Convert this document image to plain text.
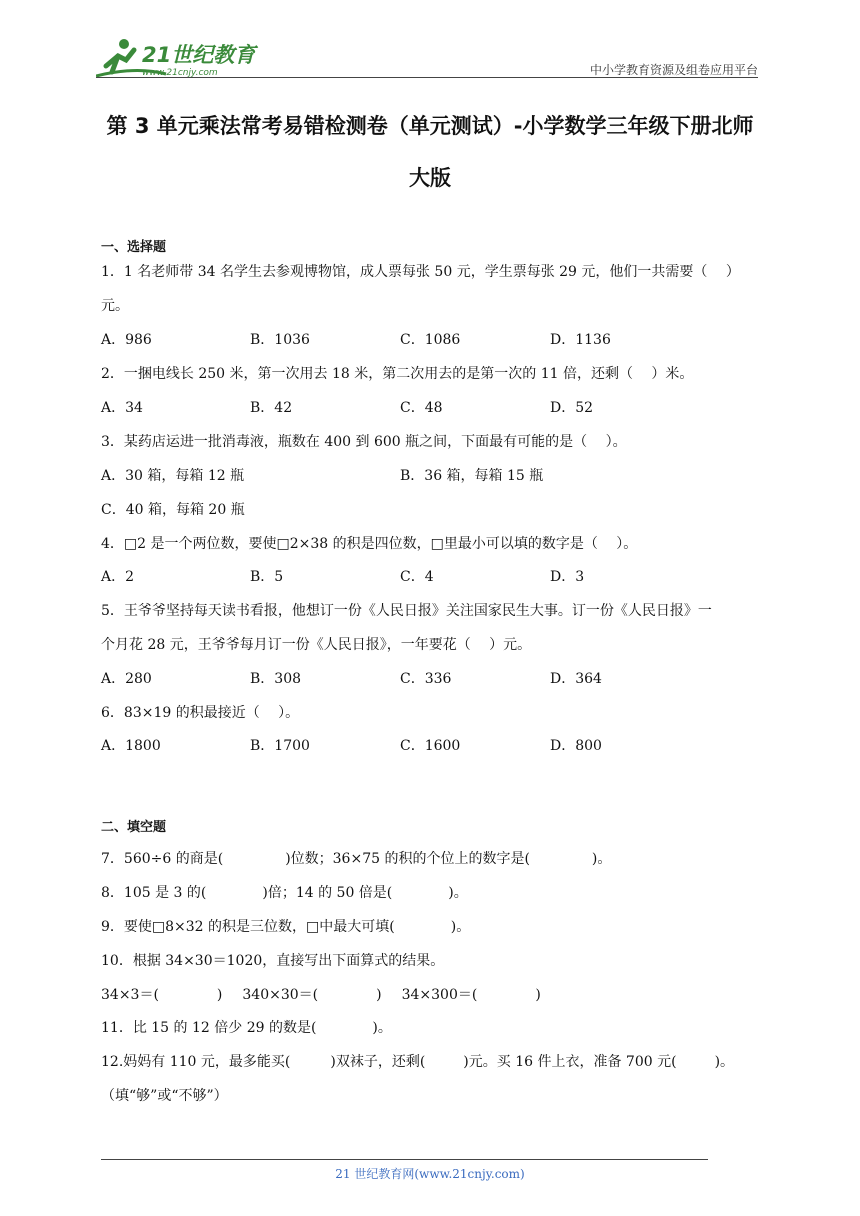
21世纪教育
www.21cnjy.com	中小学教育资源及组卷应用平台
第 3 单元乘法常考易错检测卷（单元测试）-小学数学三年级下册北师
大版
一、选择题
1．1 名老师带 34 名学生去参观博物馆，成人票每张 50 元，学生票每张 29 元，他们一共需要（　 ）
元。
A．986	B．1036	C．1086	D．1136
2．一捆电线长 250 米，第一次用去 18 米，第二次用去的是第一次的 11 倍，还剩（　 ）米。
A．34	B．42	C．48	D．52
3．某药店运进一批消毒液，瓶数在 400 到 600 瓶之间，下面最有可能的是（　 ）。
A．30 箱，每箱 12 瓶	B．36 箱，每箱 15 瓶
C．40 箱，每箱 20 瓶
4．□2 是一个两位数，要使□2×38 的积是四位数，□里最小可以填的数字是（　 ）。
A．2	B．5	C．4	D．3
5．王爷爷坚持每天读书看报，他想订一份《人民日报》关注国家民生大事。订一份《人民日报》一
个月花 28 元，王爷爷每月订一份《人民日报》，一年要花（　 ）元。
A．280	B．308	C．336	D．364
6．83×19 的积最接近（　 ）。
A．1800	B．1700	C．1600	D．800
二、填空题
7．560÷6 的商是(	)位数；36×75 的积的个位上的数字是(	)。
8．105 是 3 的(	)倍；14 的 50 倍是(	)。
9．要使□8×32 的积是三位数，□中最大可填(	)。
10．根据 34×30＝1020，直接写出下面算式的结果。
34×3＝(	) 340×30＝(	) 34×300＝(	)
11．比 15 的 12 倍少 29 的数是(	)。
12.妈妈有 110 元，最多能买(	)双袜子，还剩(	)元。买 16 件上衣，准备 700 元(	)。
（填“够”或“不够”）
21 世纪教育网(www.21cnjy.com)
